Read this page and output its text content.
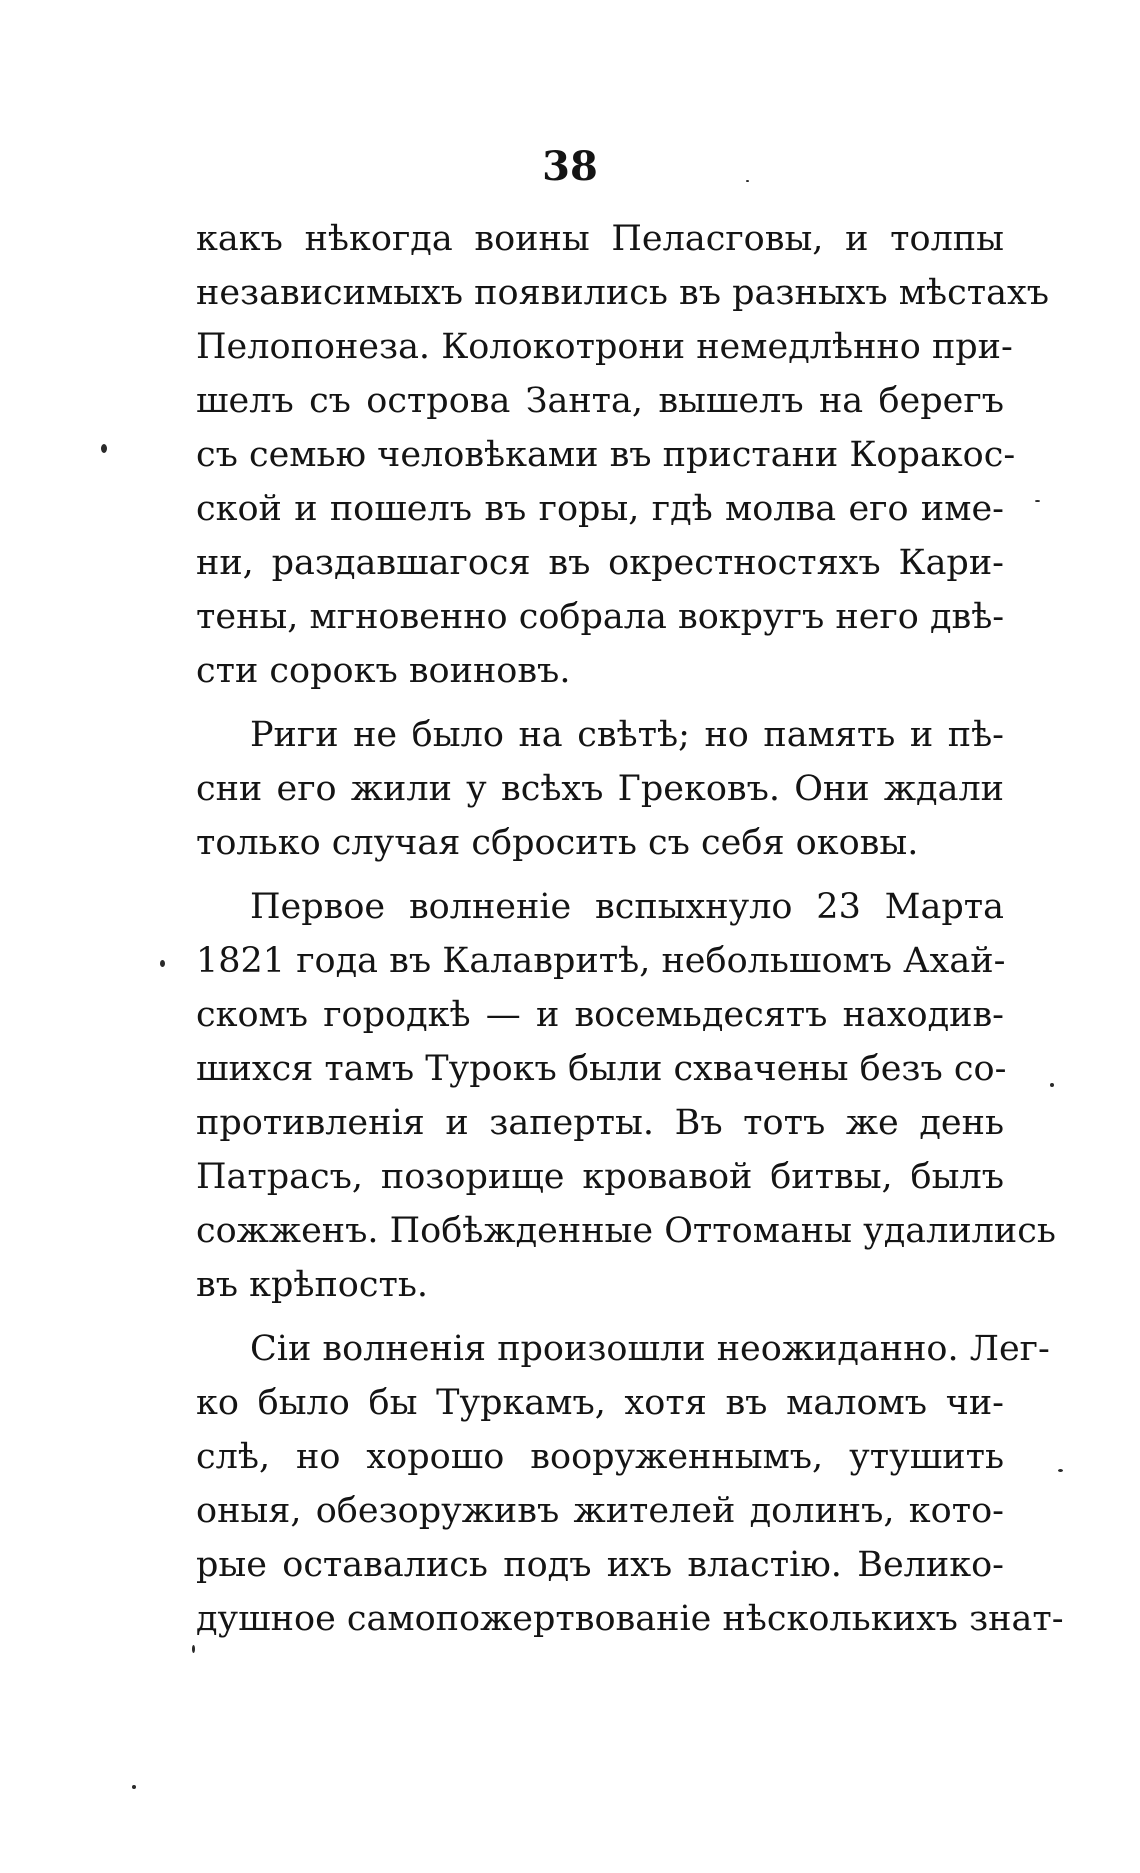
38
какъ нѣкогда воины Пеласговы, и толпы
независимыхъ появились въ разныхъ мѣстахъ
Пелопонеза. Колокотрони немедлѣнно при-
шелъ съ острова Занта, вышелъ на берегъ
съ семью человѣками въ пристани Коракос-
ской и пошелъ въ горы, гдѣ молва его име-
ни, раздавшагося въ окрестностяхъ Кари-
тены, мгновенно собрала вокругъ него двѣ-
сти сорокъ воиновъ.
Риги не было на свѣтѣ; но память и пѣ-
сни его жили у всѣхъ Грековъ. Они ждали
только случая сбросить съ себя оковы.
Первое волненіе вспыхнуло 23 Марта
1821 года въ Калавритѣ, небольшомъ Ахай-
скомъ городкѣ — и восемьдесятъ находив-
шихся тамъ Турокъ были схвачены безъ со-
противленія и заперты. Въ тотъ же день
Патрасъ, позорище кровавой битвы, былъ
сожженъ. Побѣжденные Оттоманы удалились
въ крѣпость.
Сіи волненія произошли неожиданно. Лег-
ко было бы Туркамъ, хотя въ маломъ чи-
слѣ, но хорошо вооруженнымъ, утушить
оныя, обезоруживъ жителей долинъ, кото-
рые оставались подъ ихъ властію. Велико-
душное самопожертвованіе нѣсколькихъ знат-
